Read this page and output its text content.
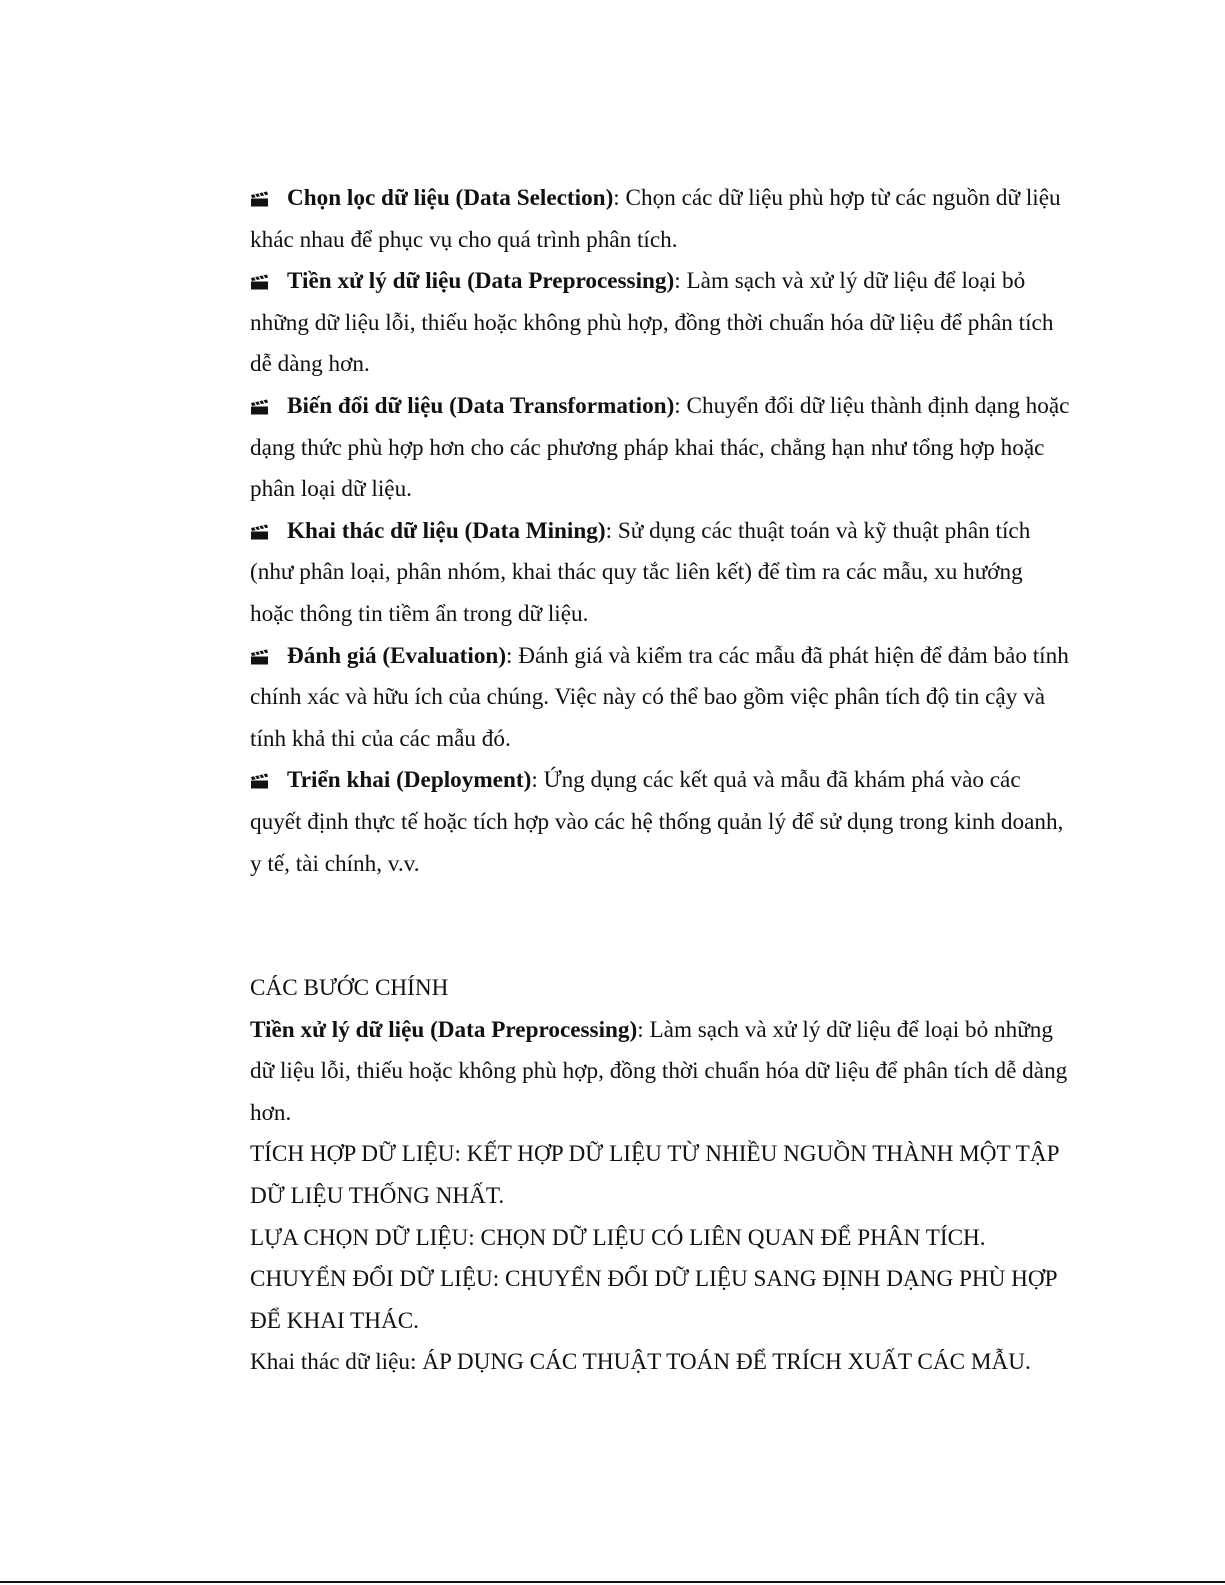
Chọn lọc dữ liệu (Data Selection): Chọn các dữ liệu phù hợp từ các nguồn dữ liệu khác nhau để phục vụ cho quá trình phân tích.

Tiền xử lý dữ liệu (Data Preprocessing): Làm sạch và xử lý dữ liệu để loại bỏ những dữ liệu lỗi, thiếu hoặc không phù hợp, đồng thời chuẩn hóa dữ liệu để phân tích dễ dàng hơn.

Biến đổi dữ liệu (Data Transformation): Chuyển đổi dữ liệu thành định dạng hoặc dạng thức phù hợp hơn cho các phương pháp khai thác, chẳng hạn như tổng hợp hoặc phân loại dữ liệu.

Khai thác dữ liệu (Data Mining): Sử dụng các thuật toán và kỹ thuật phân tích (như phân loại, phân nhóm, khai thác quy tắc liên kết) để tìm ra các mẫu, xu hướng hoặc thông tin tiềm ẩn trong dữ liệu.

Đánh giá (Evaluation): Đánh giá và kiểm tra các mẫu đã phát hiện để đảm bảo tính chính xác và hữu ích của chúng. Việc này có thể bao gồm việc phân tích độ tin cậy và tính khả thi của các mẫu đó.

Triển khai (Deployment): Ứng dụng các kết quả và mẫu đã khám phá vào các quyết định thực tế hoặc tích hợp vào các hệ thống quản lý để sử dụng trong kinh doanh, y tế, tài chính, v.v.

CÁC BƯỚC CHÍNH

Tiền xử lý dữ liệu (Data Preprocessing): Làm sạch và xử lý dữ liệu để loại bỏ những dữ liệu lỗi, thiếu hoặc không phù hợp, đồng thời chuẩn hóa dữ liệu để phân tích dễ dàng hơn.

TÍCH HỢP DỮ LIỆU: KẾT HỢP DỮ LIỆU TỪ NHIỀU NGUỒN THÀNH MỘT TẬP DỮ LIỆU THỐNG NHẤT.

LỰA CHỌN DỮ LIỆU: CHỌN DỮ LIỆU CÓ LIÊN QUAN ĐỂ PHÂN TÍCH.

CHUYỂN ĐỔI DỮ LIỆU: CHUYỂN ĐỔI DỮ LIỆU SANG ĐỊNH DẠNG PHÙ HỢP ĐỂ KHAI THÁC.

Khai thác dữ liệu: ÁP DỤNG CÁC THUẬT TOÁN ĐỂ TRÍCH XUẤT CÁC MẪU.
